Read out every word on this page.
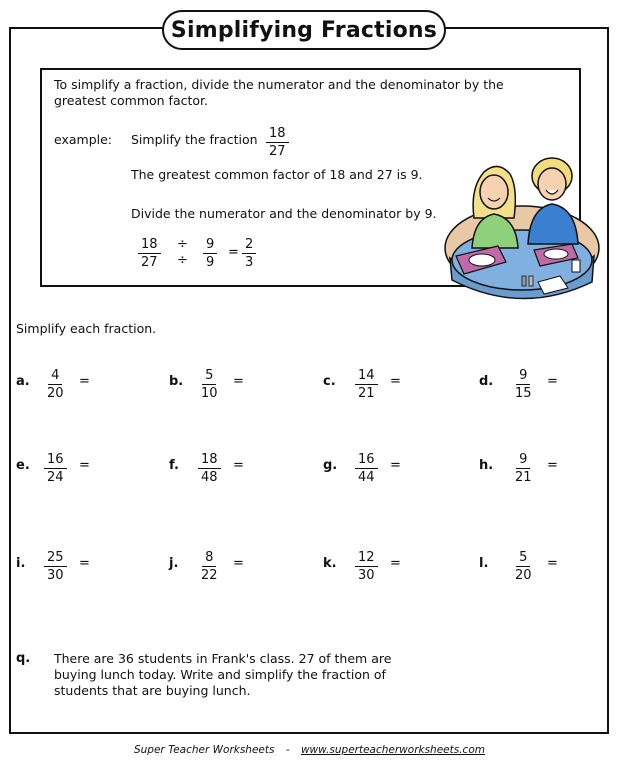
Simplifying Fractions
To simplify a fraction, divide the numerator and the denominator by the
greatest common factor.
example: Simplify the fraction $\frac{18}{27}$
The greatest common factor of 18 and 27 is 9.
Divide the numerator and the denominator by 9.
$\frac{18}{27}$ ÷
÷ $\frac{9}{9} = \frac{2}{3}$
Simplify each fraction.
a. $\frac{4}{20}$ =	b. $\frac{5}{10}$ =	c. $\frac{14}{21}$ =	d. $\frac{9}{15}$ =
e. $\frac{16}{24}$ =	f. $\frac{18}{48}$ =	g. $\frac{16}{44}$ =	h. $\frac{9}{21}$ =
i. $\frac{25}{30}$ =	j. $\frac{8}{22}$ =	k. $\frac{12}{30}$ =	l. $\frac{5}{20}$ =
q. There are 36 students in Frank's class. 27 of them are
buying lunch today. Write and simplify the fraction of
students that are buying lunch.
Super Teacher Worksheets - www.superteacherworksheets.com
